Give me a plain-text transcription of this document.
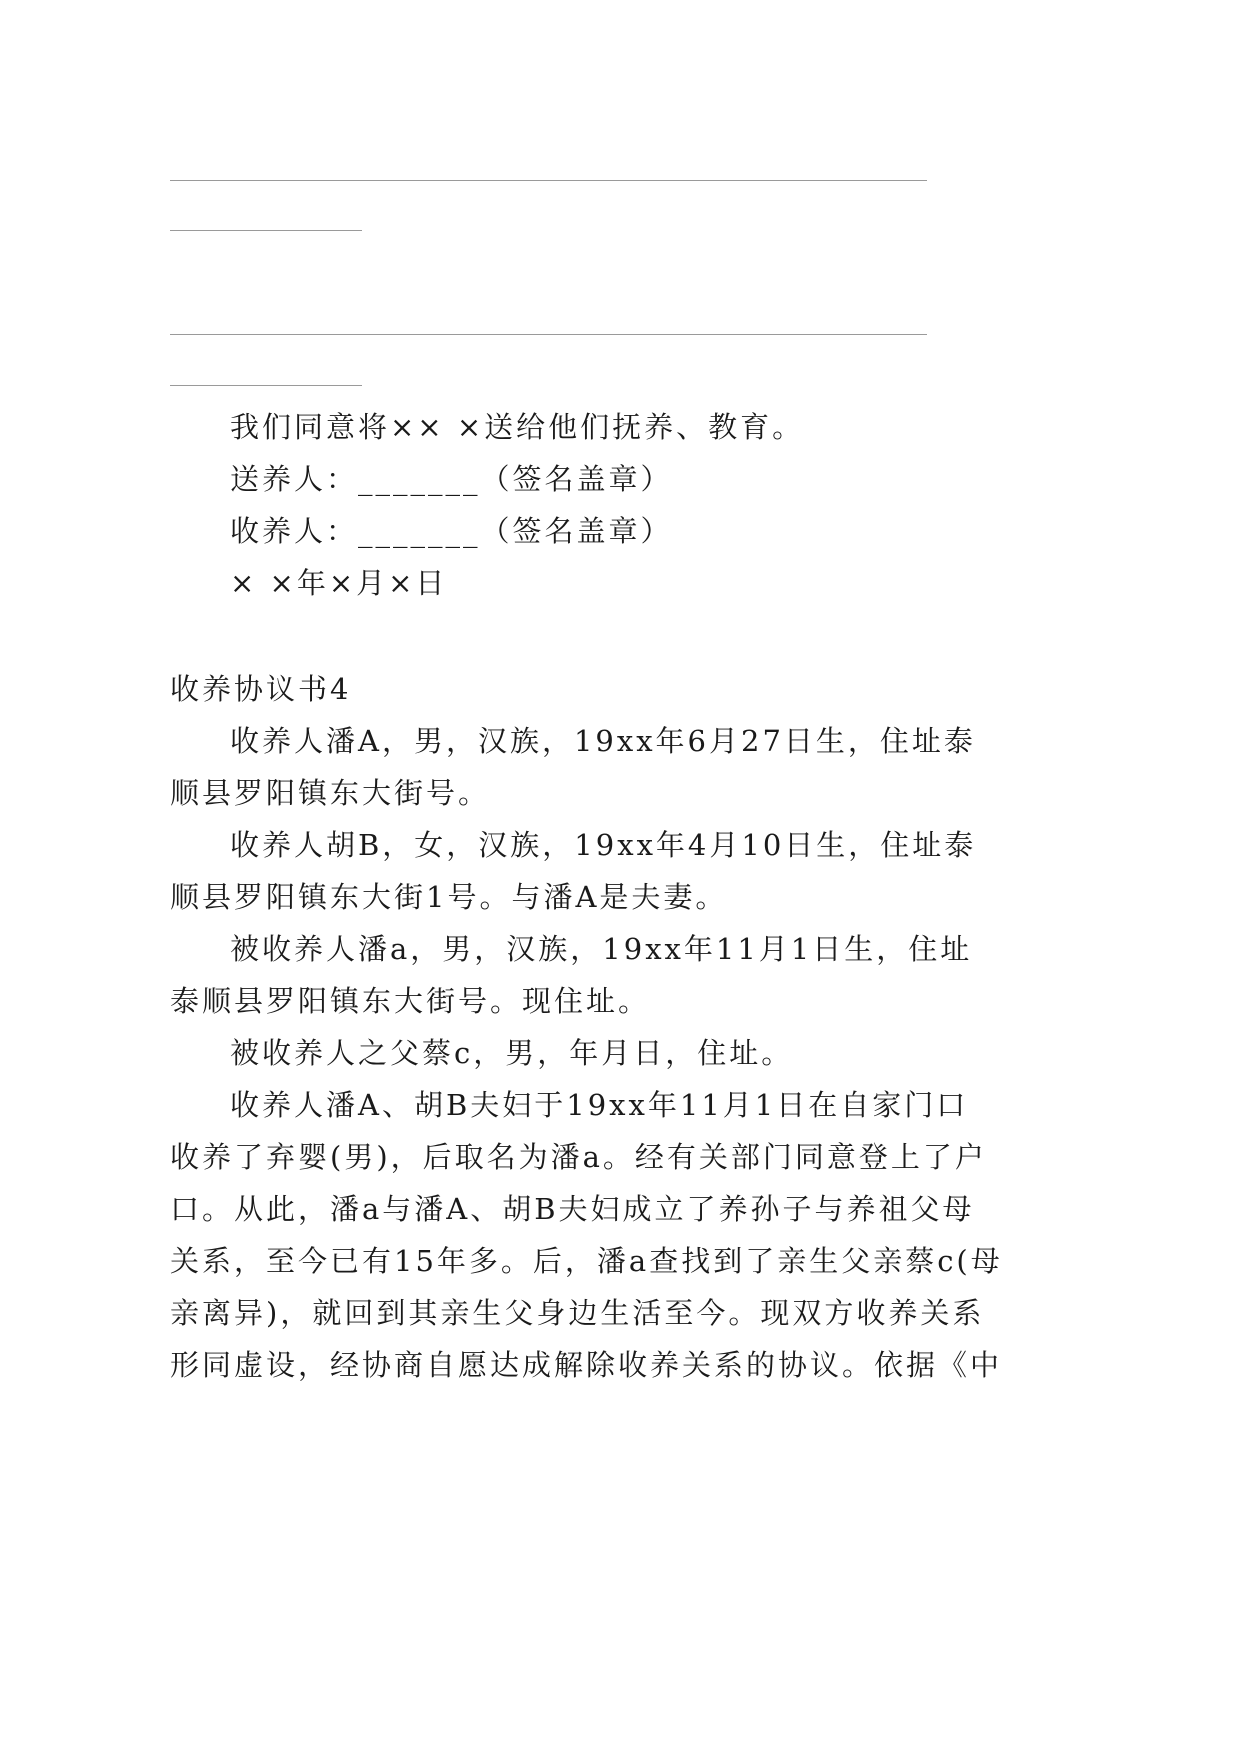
我们同意将×× ×送给他们抚养、教育。
送养人：_______（签名盖章）
收养人：_______（签名盖章）
× ×年×月×日
收养协议书4
收养人潘A，男，汉族，19xx年6月27日生，住址泰
顺县罗阳镇东大街号。
收养人胡B，女，汉族，19xx年4月10日生，住址泰
顺县罗阳镇东大街1号。与潘A是夫妻。
被收养人潘a，男，汉族，19xx年11月1日生，住址
泰顺县罗阳镇东大街号。现住址。
被收养人之父蔡c，男，年月日，住址。
收养人潘A、胡B夫妇于19xx年11月1日在自家门口
收养了弃婴(男)，后取名为潘a。经有关部门同意登上了户
口。从此，潘a与潘A、胡B夫妇成立了养孙子与养祖父母
关系，至今已有15年多。后，潘a查找到了亲生父亲蔡c(母
亲离异)，就回到其亲生父身边生活至今。现双方收养关系
形同虚设，经协商自愿达成解除收养关系的协议。依据《中
